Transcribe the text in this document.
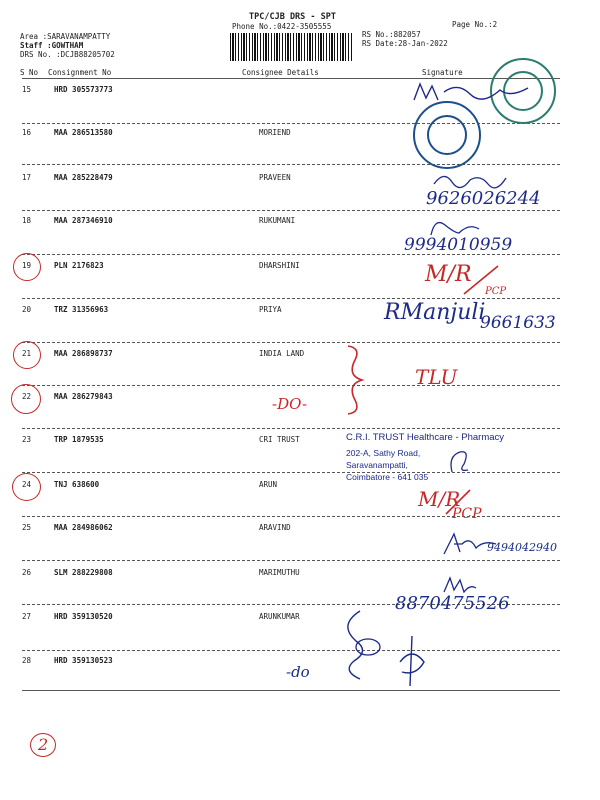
TPC/CJB DRS - SPT
Phone No.:0422-3505555	Page No.:2
Area :SARAVANAMPATTY
Staff :GOWTHAM
DRS No. :DCJB88205702
RS No.:882057
RS Date:28-Jan-2022
S No Consignment No	Consignee Details	Signature
15	HRD 305573773
16	MAA 286513580	MORIEND
17	MAA 285228479	PRAVEEN
18	MAA 287346910	RUKUMANI
19	PLN 2176823	DHARSHINI
20	TRZ 31356963	PRIYA
21	MAA 286898737	INDIA LAND
22	MAA 286279843
23	TRP 1879535	CRI TRUST
24	TNJ 638600	ARUN
25	MAA 284986062	ARAVIND
26	SLM 288229808	MARIMUTHU
27	HRD 359130520	ARUNKUMAR
28	HRD 359130523
2
9626026244
9994010959
M/R
PCP
RManjuli
9661633
TLU
-DO-
M/R
PCP
9494042940
8870475526
-do
C.R.I. TRUST Healthcare - Pharmacy
202-A, Sathy Road,
Saravanampatti,
Coimbatore - 641 035
